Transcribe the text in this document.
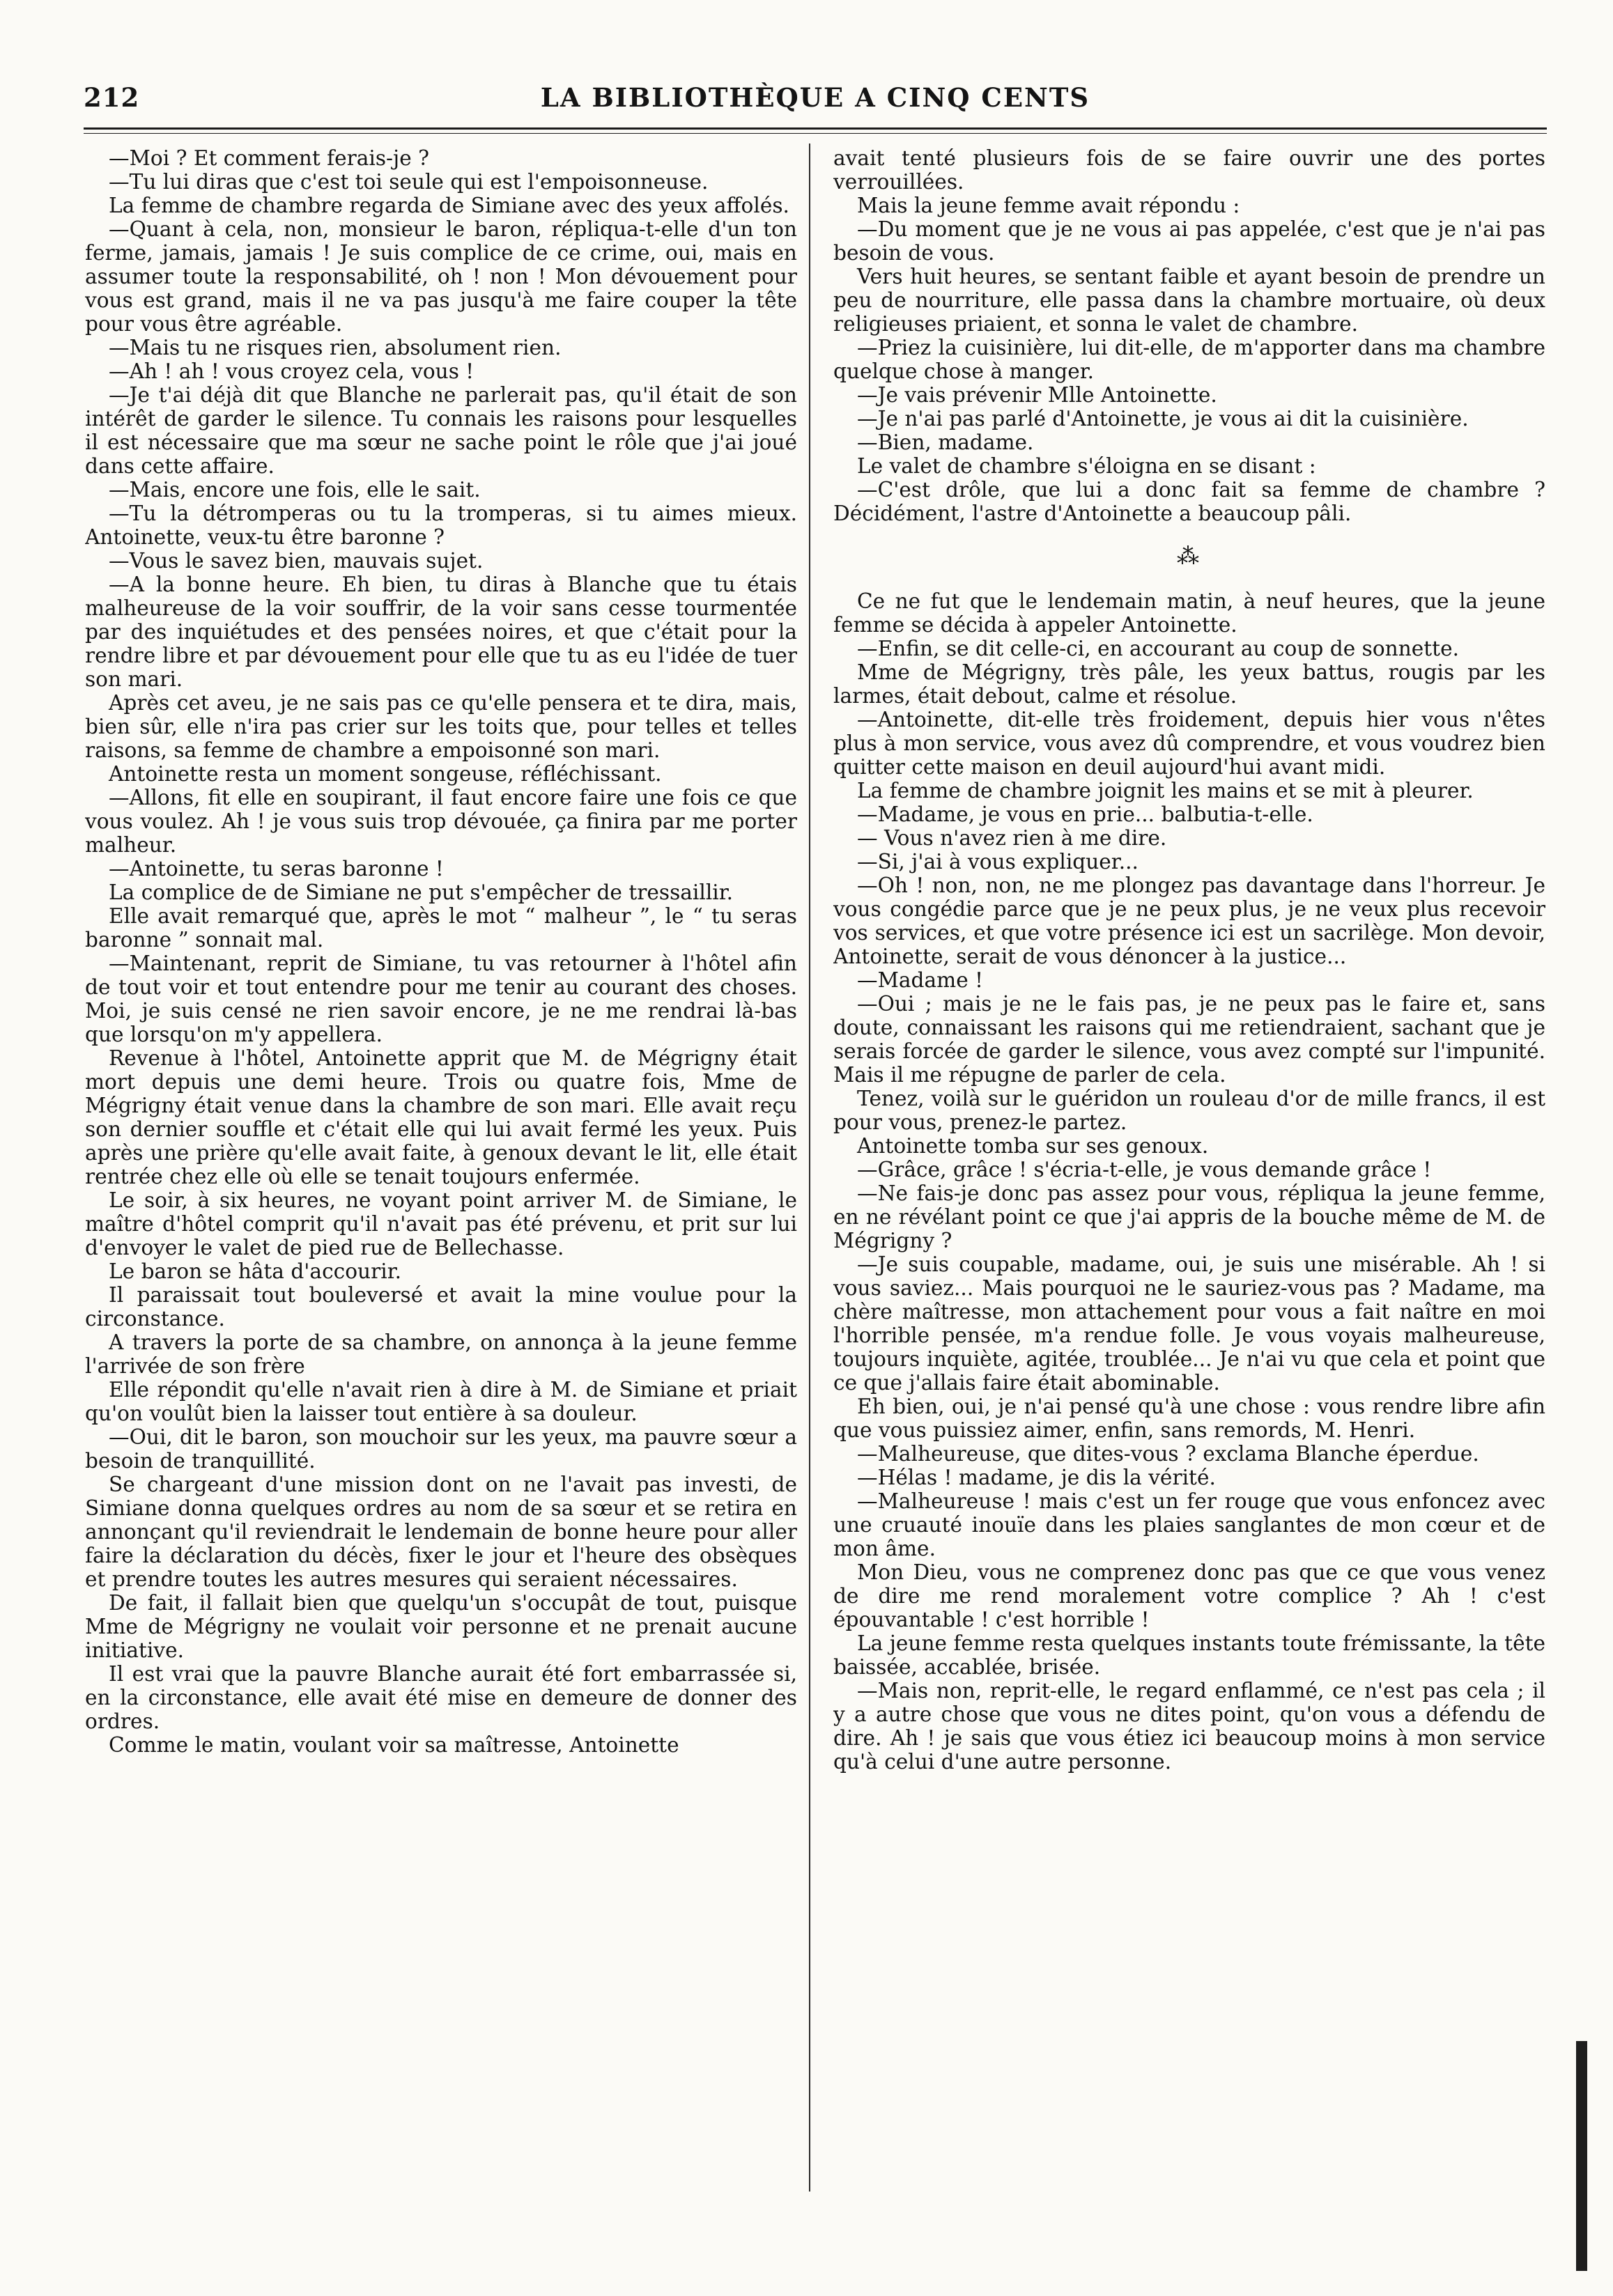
212	LA BIBLIOTHÈQUE A CINQ CENTS

—Moi ? Et comment ferais-je ?

—Tu lui diras que c'est toi seule qui est l'empoisonneuse.

La femme de chambre regarda de Simiane avec des yeux affolés.

—Quant à cela, non, monsieur le baron, répliqua-t-elle d'un ton ferme, jamais, jamais ! Je suis complice de ce crime, oui, mais en assumer toute la responsabilité, oh ! non ! Mon dévouement pour vous est grand, mais il ne va pas jusqu'à me faire couper la tête pour vous être agréable.

—Mais tu ne risques rien, absolument rien.

—Ah ! ah ! vous croyez cela, vous !

—Je t'ai déjà dit que Blanche ne parlerait pas, qu'il était de son intérêt de garder le silence. Tu connais les raisons pour lesquelles il est nécessaire que ma sœur ne sache point le rôle que j'ai joué dans cette affaire.

—Mais, encore une fois, elle le sait.

—Tu la détromperas ou tu la tromperas, si tu aimes mieux. Antoinette, veux-tu être baronne ?

—Vous le savez bien, mauvais sujet.

—A la bonne heure. Eh bien, tu diras à Blanche que tu étais malheureuse de la voir souffrir, de la voir sans cesse tourmentée par des inquiétudes et des pensées noires, et que c'était pour la rendre libre et par dévouement pour elle que tu as eu l'idée de tuer son mari.

Après cet aveu, je ne sais pas ce qu'elle pensera et te dira, mais, bien sûr, elle n'ira pas crier sur les toits que, pour telles et telles raisons, sa femme de chambre a empoisonné son mari.

Antoinette resta un moment songeuse, réfléchissant.

—Allons, fit elle en soupirant, il faut encore faire une fois ce que vous voulez. Ah ! je vous suis trop dévouée, ça finira par me porter malheur.

—Antoinette, tu seras baronne !

La complice de de Simiane ne put s'empêcher de tressaillir.

Elle avait remarqué que, après le mot “ malheur ”, le “ tu seras baronne ” sonnait mal.

—Maintenant, reprit de Simiane, tu vas retourner à l'hôtel afin de tout voir et tout entendre pour me tenir au courant des choses. Moi, je suis censé ne rien savoir encore, je ne me rendrai là-bas que lorsqu'on m'y appellera.

Revenue à l'hôtel, Antoinette apprit que M. de Mégrigny était mort depuis une demi heure. Trois ou quatre fois, Mme de Mégrigny était venue dans la chambre de son mari. Elle avait reçu son dernier souffle et c'était elle qui lui avait fermé les yeux. Puis après une prière qu'elle avait faite, à genoux devant le lit, elle était rentrée chez elle où elle se tenait toujours enfermée.

Le soir, à six heures, ne voyant point arriver M. de Simiane, le maître d'hôtel comprit qu'il n'avait pas été prévenu, et prit sur lui d'envoyer le valet de pied rue de Bellechasse.

Le baron se hâta d'accourir.

Il paraissait tout bouleversé et avait la mine voulue pour la circonstance.

A travers la porte de sa chambre, on annonça à la jeune femme l'arrivée de son frère

Elle répondit qu'elle n'avait rien à dire à M. de Simiane et priait qu'on voulût bien la laisser tout entière à sa douleur.

—Oui, dit le baron, son mouchoir sur les yeux, ma pauvre sœur a besoin de tranquillité.

Se chargeant d'une mission dont on ne l'avait pas investi, de Simiane donna quelques ordres au nom de sa sœur et se retira en annonçant qu'il reviendrait le lendemain de bonne heure pour aller faire la déclaration du décès, fixer le jour et l'heure des obsèques et prendre toutes les autres mesures qui seraient nécessaires.

De fait, il fallait bien que quelqu'un s'occupât de tout, puisque Mme de Mégrigny ne voulait voir personne et ne prenait aucune initiative.

Il est vrai que la pauvre Blanche aurait été fort embarrassée si, en la circonstance, elle avait été mise en demeure de donner des ordres.

Comme le matin, voulant voir sa maîtresse, Antoinette

avait tenté plusieurs fois de se faire ouvrir une des portes verrouillées.

Mais la jeune femme avait répondu :

—Du moment que je ne vous ai pas appelée, c'est que je n'ai pas besoin de vous.

Vers huit heures, se sentant faible et ayant besoin de prendre un peu de nourriture, elle passa dans la chambre mortuaire, où deux religieuses priaient, et sonna le valet de chambre.

—Priez la cuisinière, lui dit-elle, de m'apporter dans ma chambre quelque chose à manger.

—Je vais prévenir Mlle Antoinette.

—Je n'ai pas parlé d'Antoinette, je vous ai dit la cuisinière.

—Bien, madame.

Le valet de chambre s'éloigna en se disant :

—C'est drôle, que lui a donc fait sa femme de chambre ? Décidément, l'astre d'Antoinette a beaucoup pâli.

⁂

Ce ne fut que le lendemain matin, à neuf heures, que la jeune femme se décida à appeler Antoinette.

—Enfin, se dit celle-ci, en accourant au coup de sonnette.

Mme de Mégrigny, très pâle, les yeux battus, rougis par les larmes, était debout, calme et résolue.

—Antoinette, dit-elle très froidement, depuis hier vous n'êtes plus à mon service, vous avez dû comprendre, et vous voudrez bien quitter cette maison en deuil aujourd'hui avant midi.

La femme de chambre joignit les mains et se mit à pleurer.

—Madame, je vous en prie... balbutia-t-elle.

— Vous n'avez rien à me dire.

—Si, j'ai à vous expliquer...

—Oh ! non, non, ne me plongez pas davantage dans l'horreur. Je vous congédie parce que je ne peux plus, je ne veux plus recevoir vos services, et que votre présence ici est un sacrilège. Mon devoir, Antoinette, serait de vous dénoncer à la justice...

—Madame !

—Oui ; mais je ne le fais pas, je ne peux pas le faire et, sans doute, connaissant les raisons qui me retiendraient, sachant que je serais forcée de garder le silence, vous avez compté sur l'impunité. Mais il me répugne de parler de cela.

Tenez, voilà sur le guéridon un rouleau d'or de mille francs, il est pour vous, prenez-le partez.

Antoinette tomba sur ses genoux.

—Grâce, grâce ! s'écria-t-elle, je vous demande grâce !

—Ne fais-je donc pas assez pour vous, répliqua la jeune femme, en ne révélant point ce que j'ai appris de la bouche même de M. de Mégrigny ?

—Je suis coupable, madame, oui, je suis une misérable. Ah ! si vous saviez... Mais pourquoi ne le sauriez-vous pas ? Madame, ma chère maîtresse, mon attachement pour vous a fait naître en moi l'horrible pensée, m'a rendue folle. Je vous voyais malheureuse, toujours inquiète, agitée, troublée... Je n'ai vu que cela et point que ce que j'allais faire était abominable.

Eh bien, oui, je n'ai pensé qu'à une chose : vous rendre libre afin que vous puissiez aimer, enfin, sans remords, M. Henri.

—Malheureuse, que dites-vous ? exclama Blanche éperdue.

—Hélas ! madame, je dis la vérité.

—Malheureuse ! mais c'est un fer rouge que vous enfoncez avec une cruauté inouïe dans les plaies sanglantes de mon cœur et de mon âme.

Mon Dieu, vous ne comprenez donc pas que ce que vous venez de dire me rend moralement votre complice ? Ah ! c'est épouvantable ! c'est horrible !

La jeune femme resta quelques instants toute frémissante, la tête baissée, accablée, brisée.

—Mais non, reprit-elle, le regard enflammé, ce n'est pas cela ; il y a autre chose que vous ne dites point, qu'on vous a défendu de dire. Ah ! je sais que vous étiez ici beaucoup moins à mon service qu'à celui d'une autre personne.
